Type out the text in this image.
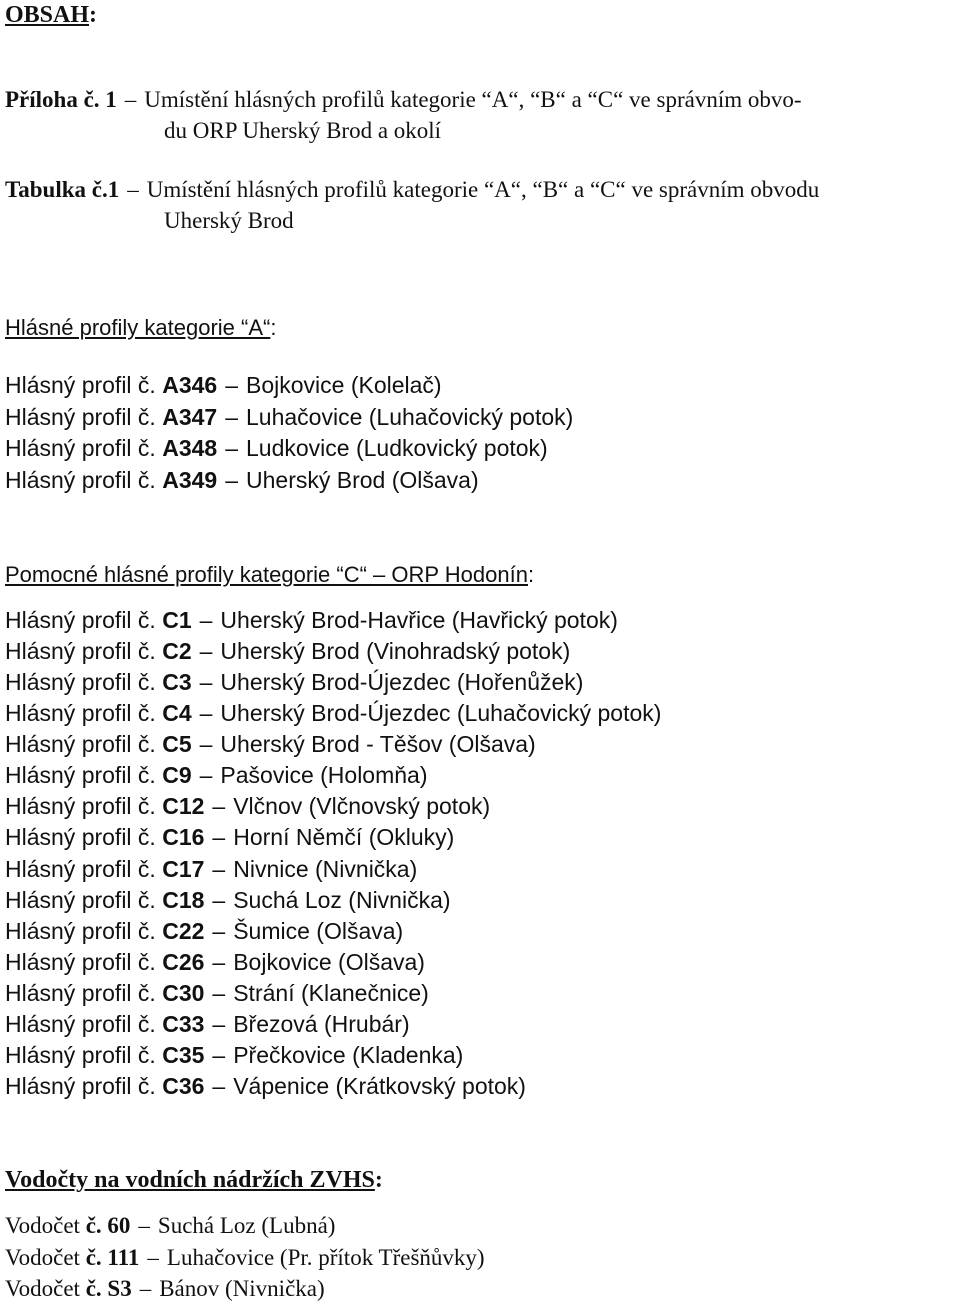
OBSAH:
Příloha č. 1 – Umístění hlásných profilů kategorie “A“, “B“ a “C“ ve správním obvo-
du ORP Uherský Brod a okolí
Tabulka č.1 – Umístění hlásných profilů kategorie “A“, “B“ a “C“ ve správním obvodu
Uherský Brod
Hlásné profily kategorie “A“:
Hlásný profil č. A346 – Bojkovice (Kolelač)
Hlásný profil č. A347 – Luhačovice (Luhačovický potok)
Hlásný profil č. A348 – Ludkovice (Ludkovický potok)
Hlásný profil č. A349 – Uherský Brod (Olšava)
Pomocné hlásné profily kategorie “C“ – ORP Hodonín:
Hlásný profil č. C1 – Uherský Brod-Havřice (Havřický potok)
Hlásný profil č. C2 – Uherský Brod (Vinohradský potok)
Hlásný profil č. C3 – Uherský Brod-Újezdec (Hořenůžek)
Hlásný profil č. C4 – Uherský Brod-Újezdec (Luhačovický potok)
Hlásný profil č. C5 – Uherský Brod - Těšov (Olšava)
Hlásný profil č. C9 – Pašovice (Holomňa)
Hlásný profil č. C12 – Vlčnov (Vlčnovský potok)
Hlásný profil č. C16 – Horní Němčí (Okluky)
Hlásný profil č. C17 – Nivnice (Nivnička)
Hlásný profil č. C18 – Suchá Loz (Nivnička)
Hlásný profil č. C22 – Šumice (Olšava)
Hlásný profil č. C26 – Bojkovice (Olšava)
Hlásný profil č. C30 – Strání (Klanečnice)
Hlásný profil č. C33 – Březová (Hrubár)
Hlásný profil č. C35 – Přečkovice (Kladenka)
Hlásný profil č. C36 – Vápenice (Krátkovský potok)
Vodočty na vodních nádržích ZVHS:
Vodočet č. 60 – Suchá Loz (Lubná)
Vodočet č. 111 – Luhačovice (Pr. přítok Třešňůvky)
Vodočet č. S3 – Bánov (Nivnička)
